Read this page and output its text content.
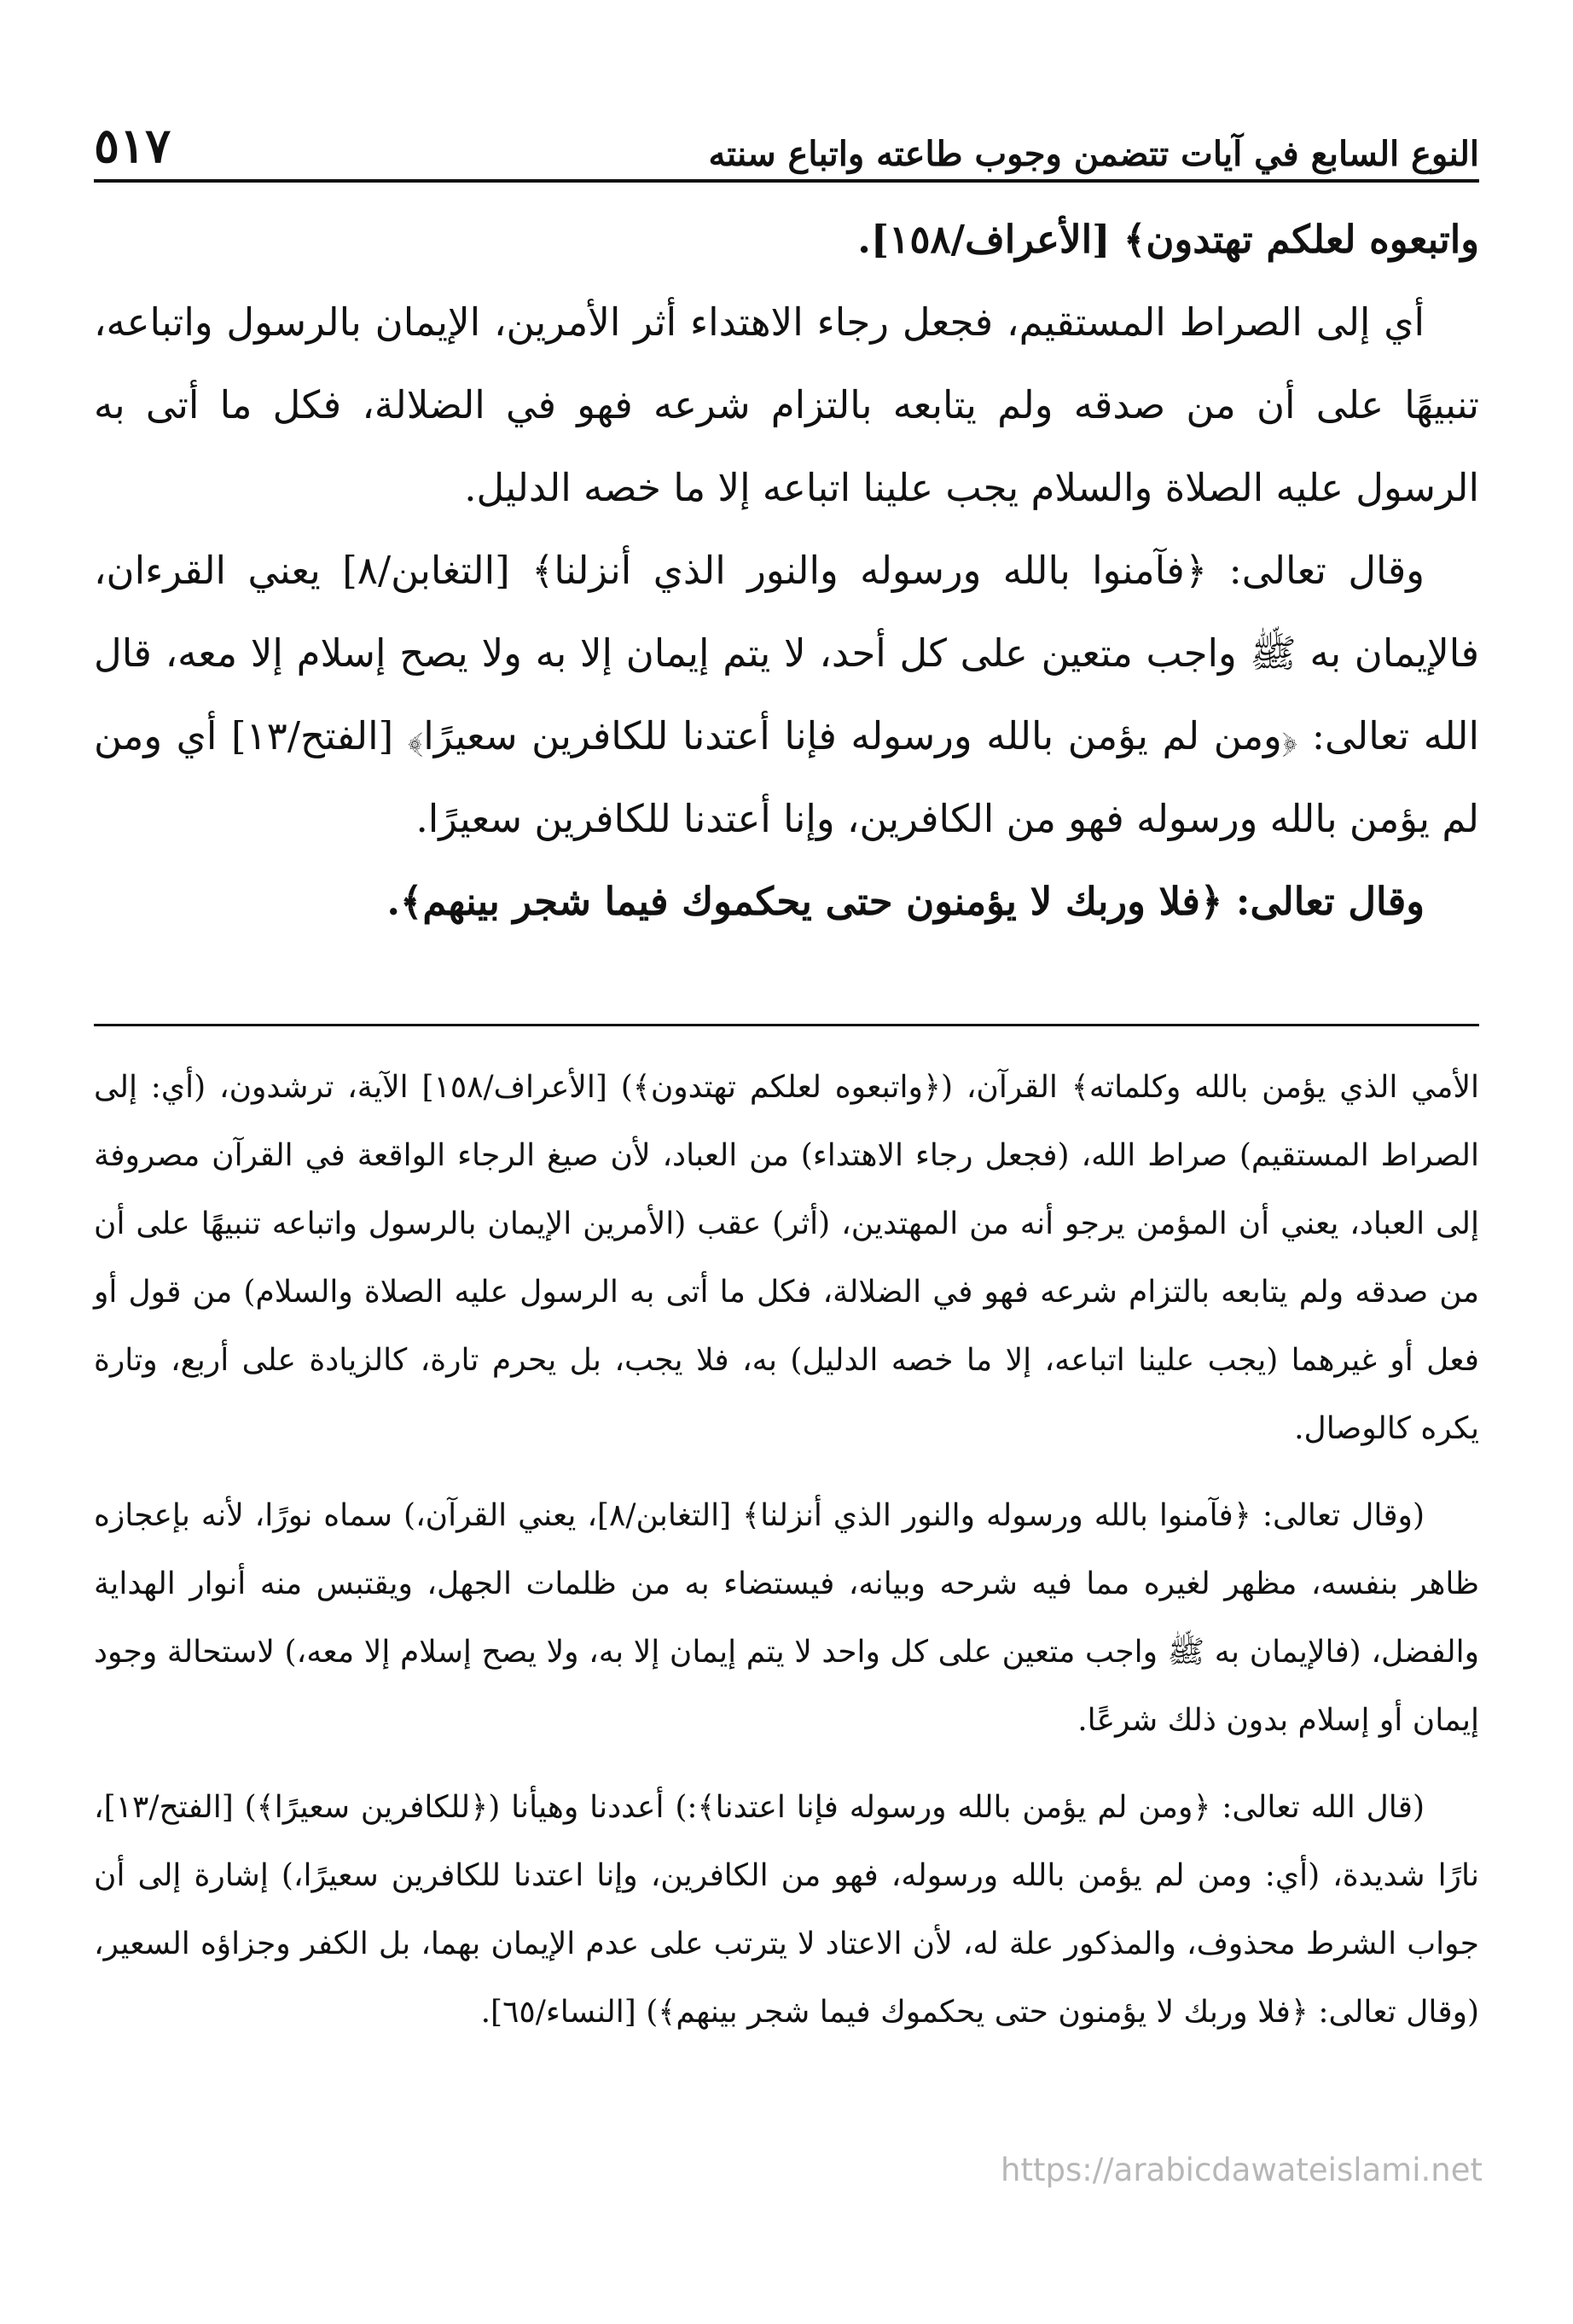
النوع السابع في آيات تتضمن وجوب طاعته واتباع سنته
٥١٧

واتبعوه لعلكم تهتدون﴾ [الأعراف/١٥٨].

أي إلى الصراط المستقيم، فجعل رجاء الاهتداء أثر الأمرين، الإيمان بالرسول واتباعه، تنبيهًا على أن من صدقه ولم يتابعه بالتزام شرعه فهو في الضلالة، فكل ما أتى به الرسول عليه الصلاة والسلام يجب علينا اتباعه إلا ما خصه الدليل.

وقال تعالى: ﴿فآمنوا بالله ورسوله والنور الذي أنزلنا﴾ [التغابن/٨] يعني القرءان، فالإيمان به ﷺ واجب متعين على كل أحد، لا يتم إيمان إلا به ولا يصح إسلام إلا معه، قال الله تعالى: ﴿ومن لم يؤمن بالله ورسوله فإنا أعتدنا للكافرين سعيرًا﴾ [الفتح/١٣] أي ومن لم يؤمن بالله ورسوله فهو من الكافرين، وإنا أعتدنا للكافرين سعيرًا.

وقال تعالى: ﴿فلا وربك لا يؤمنون حتى يحكموك فيما شجر بينهم﴾.

الأمي الذي يؤمن بالله وكلماته﴾ القرآن، (﴿واتبعوه لعلكم تهتدون﴾) [الأعراف/١٥٨] الآية، ترشدون، (أي: إلى الصراط المستقيم) صراط الله، (فجعل رجاء الاهتداء) من العباد، لأن صيغ الرجاء الواقعة في القرآن مصروفة إلى العباد، يعني أن المؤمن يرجو أنه من المهتدين، (أثر) عقب (الأمرين الإيمان بالرسول واتباعه تنبيهًا على أن من صدقه ولم يتابعه بالتزام شرعه فهو في الضلالة، فكل ما أتى به الرسول عليه الصلاة والسلام) من قول أو فعل أو غيرهما (يجب علينا اتباعه، إلا ما خصه الدليل) به، فلا يجب، بل يحرم تارة، كالزيادة على أربع، وتارة يكره كالوصال.

(وقال تعالى: ﴿فآمنوا بالله ورسوله والنور الذي أنزلنا﴾ [التغابن/٨]، يعني القرآن،) سماه نورًا، لأنه بإعجازه ظاهر بنفسه، مظهر لغيره مما فيه شرحه وبيانه، فيستضاء به من ظلمات الجهل، ويقتبس منه أنوار الهداية والفضل، (فالإيمان به ﷺ واجب متعين على كل واحد لا يتم إيمان إلا به، ولا يصح إسلام إلا معه،) لاستحالة وجود إيمان أو إسلام بدون ذلك شرعًا.

(قال الله تعالى: ﴿ومن لم يؤمن بالله ورسوله فإنا اعتدنا﴾:) أعددنا وهيأنا (﴿للكافرين سعيرًا﴾) [الفتح/١٣]، نارًا شديدة، (أي: ومن لم يؤمن بالله ورسوله، فهو من الكافرين، وإنا اعتدنا للكافرين سعيرًا،) إشارة إلى أن جواب الشرط محذوف، والمذكور علة له، لأن الاعتاد لا يترتب على عدم الإيمان بهما، بل الكفر وجزاؤه السعير، (وقال تعالى: ﴿فلا وربك لا يؤمنون حتى يحكموك فيما شجر بينهم﴾) [النساء/٦٥].

https://arabicdawateislami.net
